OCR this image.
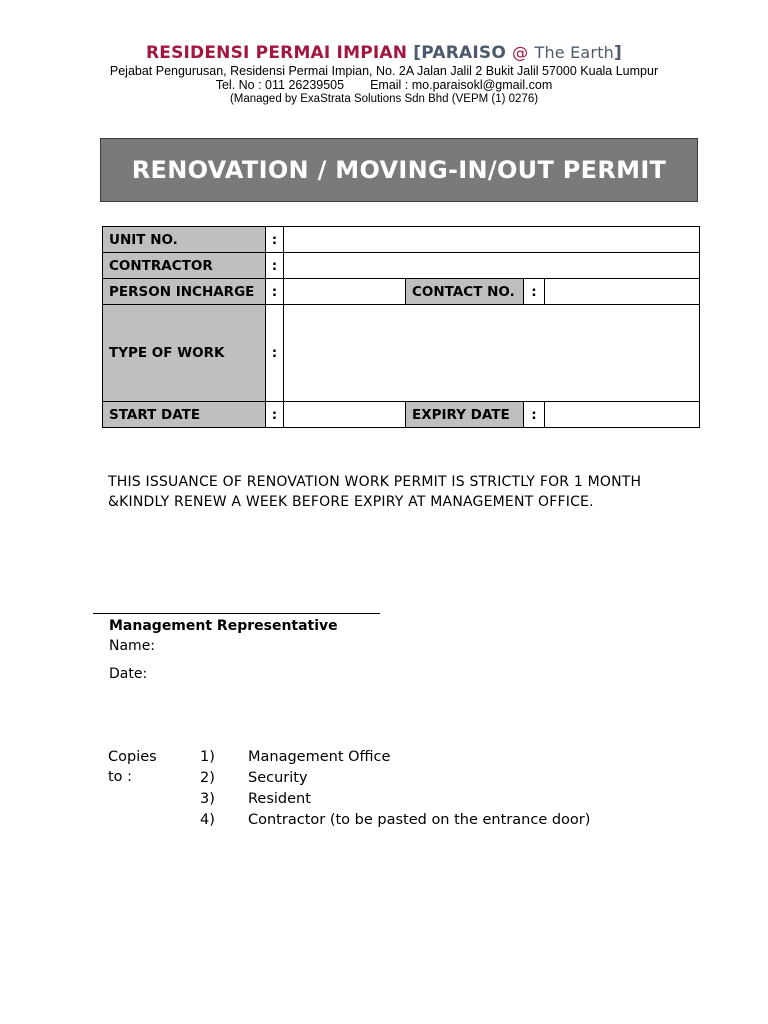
RESIDENSI PERMAI IMPIAN [PARAISO @ The Earth]
Pejabat Pengurusan, Residensi Permai Impian, No. 2A Jalan Jalil 2 Bukit Jalil 57000 Kuala Lumpur
Tel. No : 011 26239505 Email : mo.paraisokl@gmail.com
(Managed by ExaStrata Solutions Sdn Bhd (VEPM (1) 0276)
RENOVATION / MOVING-IN/OUT PERMIT
UNIT NO.	:				
CONTRACTOR	:				
PERSON INCHARGE	:		CONTACT NO.	:	
TYPE OF WORK	:				
START DATE	:		EXPIRY DATE	:	
THIS ISSUANCE OF RENOVATION WORK PERMIT IS STRICTLY FOR 1 MONTH
&KINDLY RENEW A WEEK BEFORE EXPIRY AT MANAGEMENT OFFICE.
Management Representative
Name:
Date:
Copies to :
1) Management Office
2) Security
3) Resident
4) Contractor (to be pasted on the entrance door)
